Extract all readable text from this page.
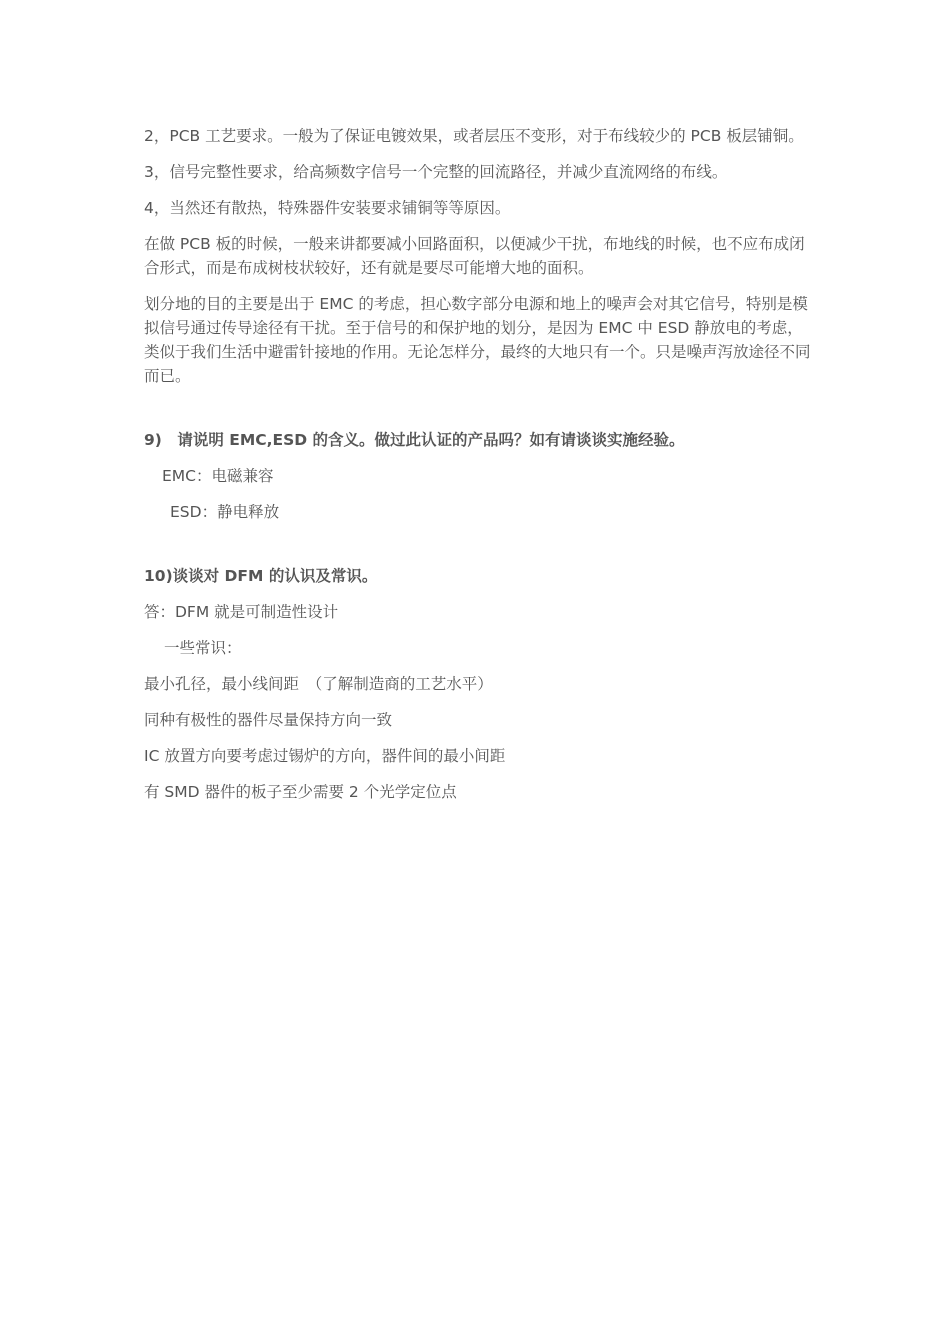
2，PCB 工艺要求。一般为了保证电镀效果，或者层压不变形，对于布线较少的 PCB 板层铺铜。

3，信号完整性要求，给高频数字信号一个完整的回流路径，并减少直流网络的布线。

4，当然还有散热，特殊器件安装要求铺铜等等原因。

在做 PCB 板的时候，一般来讲都要减小回路面积，以便减少干扰，布地线的时候，也不应布成闭合形式，而是布成树枝状较好，还有就是要尽可能增大地的面积。

划分地的目的主要是出于 EMC 的考虑，担心数字部分电源和地上的噪声会对其它信号，特别是模拟信号通过传导途径有干扰。至于信号的和保护地的划分，是因为 EMC 中 ESD 静放电的考虑，类似于我们生活中避雷针接地的作用。无论怎样分，最终的大地只有一个。只是噪声泻放途径不同而已。

9)　请说明 EMC,ESD 的含义。做过此认证的产品吗？如有请谈谈实施经验。

EMC：电磁兼容

ESD：静电释放

10)谈谈对 DFM 的认识及常识。

答：DFM 就是可制造性设计

一些常识：

最小孔径，最小线间距　（了解制造商的工艺水平）

同种有极性的器件尽量保持方向一致

IC 放置方向要考虑过锡炉的方向，器件间的最小间距

有 SMD 器件的板子至少需要 2 个光学定位点
